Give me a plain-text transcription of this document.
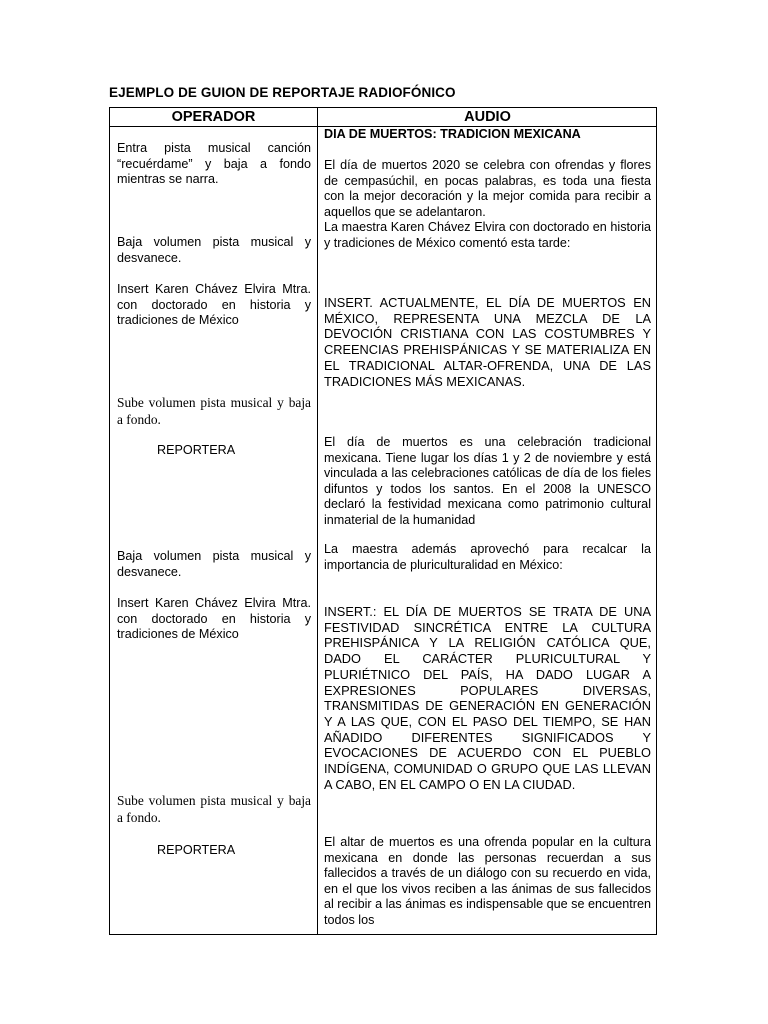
EJEMPLO DE GUION DE REPORTAJE RADIOFÓNICO
OPERADOR	AUDIO
Entra pista musical canción “recuérdame” y baja a fondo mientras se narra.
Baja volumen pista musical y desvanece.
Insert Karen Chávez Elvira Mtra. con doctorado en historia y tradiciones de México
Sube volumen pista musical y baja a fondo.
REPORTERA
Baja volumen pista musical y desvanece.
Insert Karen Chávez Elvira Mtra. con doctorado en historia y tradiciones de México
Sube volumen pista musical y baja a fondo.
REPORTERA
DIA DE MUERTOS: TRADICION MEXICANA
El día de muertos 2020 se celebra con ofrendas y flores de cempasúchil, en pocas palabras, es toda una fiesta con la mejor decoración y la mejor comida para recibir a aquellos que se adelantaron.
La maestra Karen Chávez Elvira con doctorado en historia y tradiciones de México comentó esta tarde:
INSERT. ACTUALMENTE, EL DÍA DE MUERTOS EN MÉXICO, REPRESENTA UNA MEZCLA DE LA DEVOCIÓN CRISTIANA CON LAS COSTUMBRES Y CREENCIAS PREHISPÁNICAS Y SE MATERIALIZA EN EL TRADICIONAL ALTAR-OFRENDA, UNA DE LAS TRADICIONES MÁS MEXICANAS.
El día de muertos es una celebración tradicional mexicana. Tiene lugar los días 1 y 2 de noviembre y está vinculada a las celebraciones católicas de día de los fieles difuntos y todos los santos. En el 2008 la UNESCO declaró la festividad mexicana como patrimonio cultural inmaterial de la humanidad
La maestra además aprovechó para recalcar la importancia de pluriculturalidad en México:
INSERT.: EL DÍA DE MUERTOS SE TRATA DE UNA FESTIVIDAD SINCRÉTICA ENTRE LA CULTURA PREHISPÁNICA Y LA RELIGIÓN CATÓLICA QUE, DADO EL CARÁCTER PLURICULTURAL Y PLURIÉTNICO DEL PAÍS, HA DADO LUGAR A EXPRESIONES POPULARES DIVERSAS, TRANSMITIDAS DE GENERACIÓN EN GENERACIÓN Y A LAS QUE, CON EL PASO DEL TIEMPO, SE HAN AÑADIDO DIFERENTES SIGNIFICADOS Y EVOCACIONES DE ACUERDO CON EL PUEBLO INDÍGENA, COMUNIDAD O GRUPO QUE LAS LLEVAN A CABO, EN EL CAMPO O EN LA CIUDAD.
El altar de muertos es una ofrenda popular en la cultura mexicana en donde las personas recuerdan a sus fallecidos a través de un diálogo con su recuerdo en vida, en el que los vivos reciben a las ánimas de sus fallecidos al recibir a las ánimas es indispensable que se encuentren todos los
